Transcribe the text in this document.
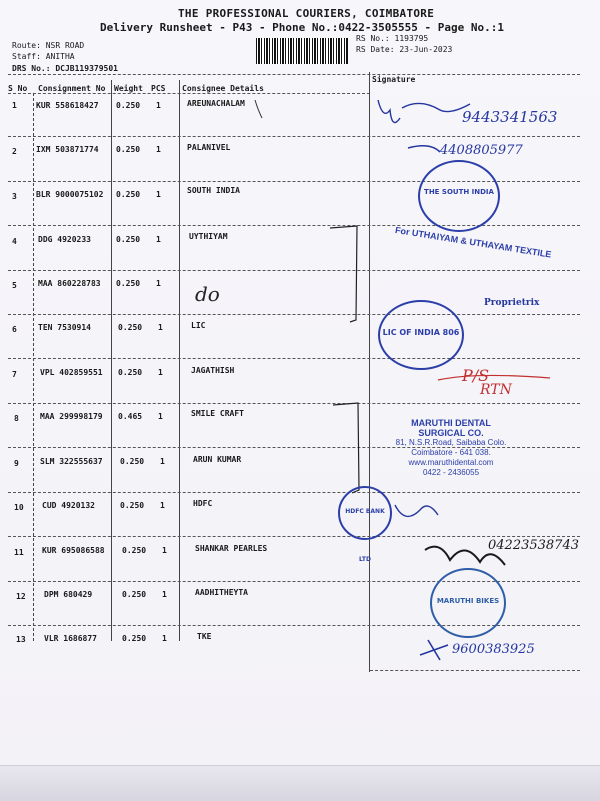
THE PROFESSIONAL COURIERS, COIMBATORE
Delivery Runsheet - P43 - Phone No.:0422-3505555 - Page No.:1
Route: NSR ROAD
Staff: ANITHA
DRS No.: DCJB119379501
RS No.: 1193795
RS Date: 23-Jun-2023
S No Consignment No Weight PCS Consignee Details
Signature
1 KUR 558618427 0.250 1	AREUNACHALAM
2 IXM 503871774 0.250 1	PALANIVEL
3 BLR 9000075102 0.250 1	SOUTH INDIA
4	DDG 4920233	0.250 1	UYTHIYAM
5	MAA 860228783 0.250 1
6	TEN 7530914	0.250 1	LIC
7	VPL 402859551 0.250 1	JAGATHISH
8	MAA 299998179 0.465 1	SMILE CRAFT
9	SLM 322555637 0.250 1	ARUN KUMAR
10 CUD 4920132	0.250 1	HDFC
11 KUR 695086588 0.250 1	SHANKAR PEARLES
12 DPM 680429	0.250 1	AADHITHEYTA
13 VLR 1686877	0.250 1	TKE
do
9443341563
4408805977
Proprietrix
P/S
RTN
04223538743
9600383925
THE SOUTH INDIA
For UTHAIYAM & UTHAYAM TEXTILE
LIC OF INDIA 806
MARUTHI DENTAL
SURGICAL CO.
81, N.S.R.Road, Saibaba Colo.
Coimbatore - 641 038.
www.maruthidental.com
0422 - 2436055
HDFC BANK LTD
MARUTHI BIKES
